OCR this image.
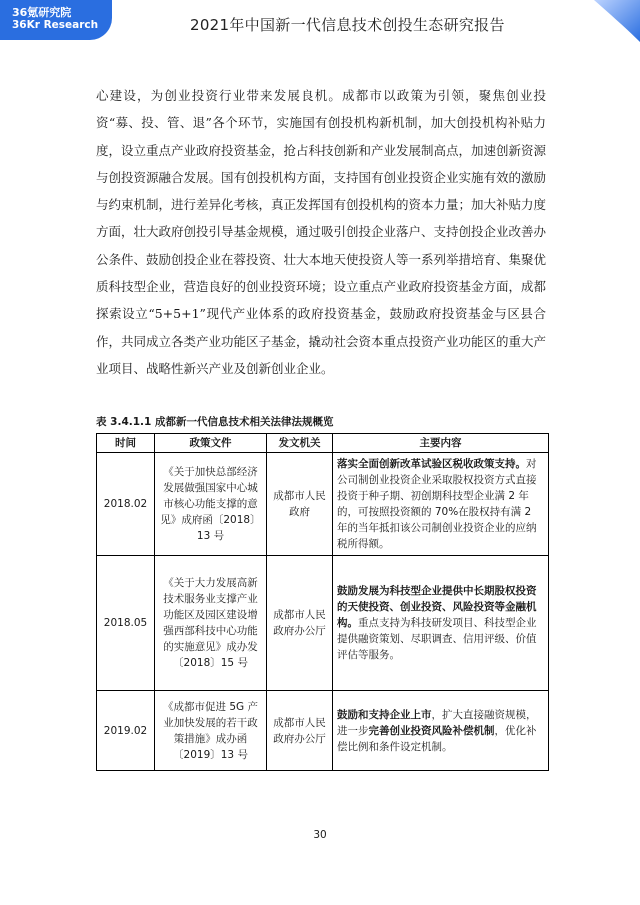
36氪研究院
36Kr Research	2021年中国新一代信息技术创投生态研究报告

心建设，为创业投资行业带来发展良机。成都市以政策为引领，聚焦创业投资“募、投、管、退”各个环节，实施国有创投机构新机制，加大创投机构补贴力度，设立重点产业政府投资基金，抢占科技创新和产业发展制高点，加速创新资源与创投资源融合发展。国有创投机构方面，支持国有创业投资企业实施有效的激励与约束机制，进行差异化考核，真正发挥国有创投机构的资本力量；加大补贴力度方面，壮大政府创投引导基金规模，通过吸引创投企业落户、支持创投企业改善办公条件、鼓励创投企业在蓉投资、壮大本地天使投资人等一系列举措培育、集聚优质科技型企业，营造良好的创业投资环境；设立重点产业政府投资基金方面，成都探索设立“5+5+1”现代产业体系的政府投资基金，鼓励政府投资基金与区县合作，共同成立各类产业功能区子基金，撬动社会资本重点投资产业功能区的重大产业项目、战略性新兴产业及创新创业企业。

表 3.4.1.1 成都新一代信息技术相关法律法规概览
时间	政策文件	发文机关	主要内容
2018.02	《关于加快总部经济发展做强国家中心城市核心功能支撑的意见》成府函〔2018〕13 号	成都市人民政府	落实全面创新改革试验区税收政策支持。对公司制创业投资企业采取股权投资方式直接投资于种子期、初创期科技型企业满 2 年的，可按照投资额的 70%在股权持有满 2 年的当年抵扣该公司制创业投资企业的应纳税所得额。
2018.05	《关于大力发展高新技术服务业支撑产业功能区及园区建设增强西部科技中心功能的实施意见》成办发〔2018〕15 号	成都市人民政府办公厅	鼓励发展为科技型企业提供中长期股权投资的天使投资、创业投资、风险投资等金融机构。重点支持为科技研发项目、科技型企业提供融资策划、尽职调查、信用评级、价值评估等服务。
2019.02	《成都市促进 5G 产业加快发展的若干政策措施》成办函〔2019〕13 号	成都市人民政府办公厅	鼓励和支持企业上市，扩大直接融资规模，进一步完善创业投资风险补偿机制，优化补偿比例和条件设定机制。
30
